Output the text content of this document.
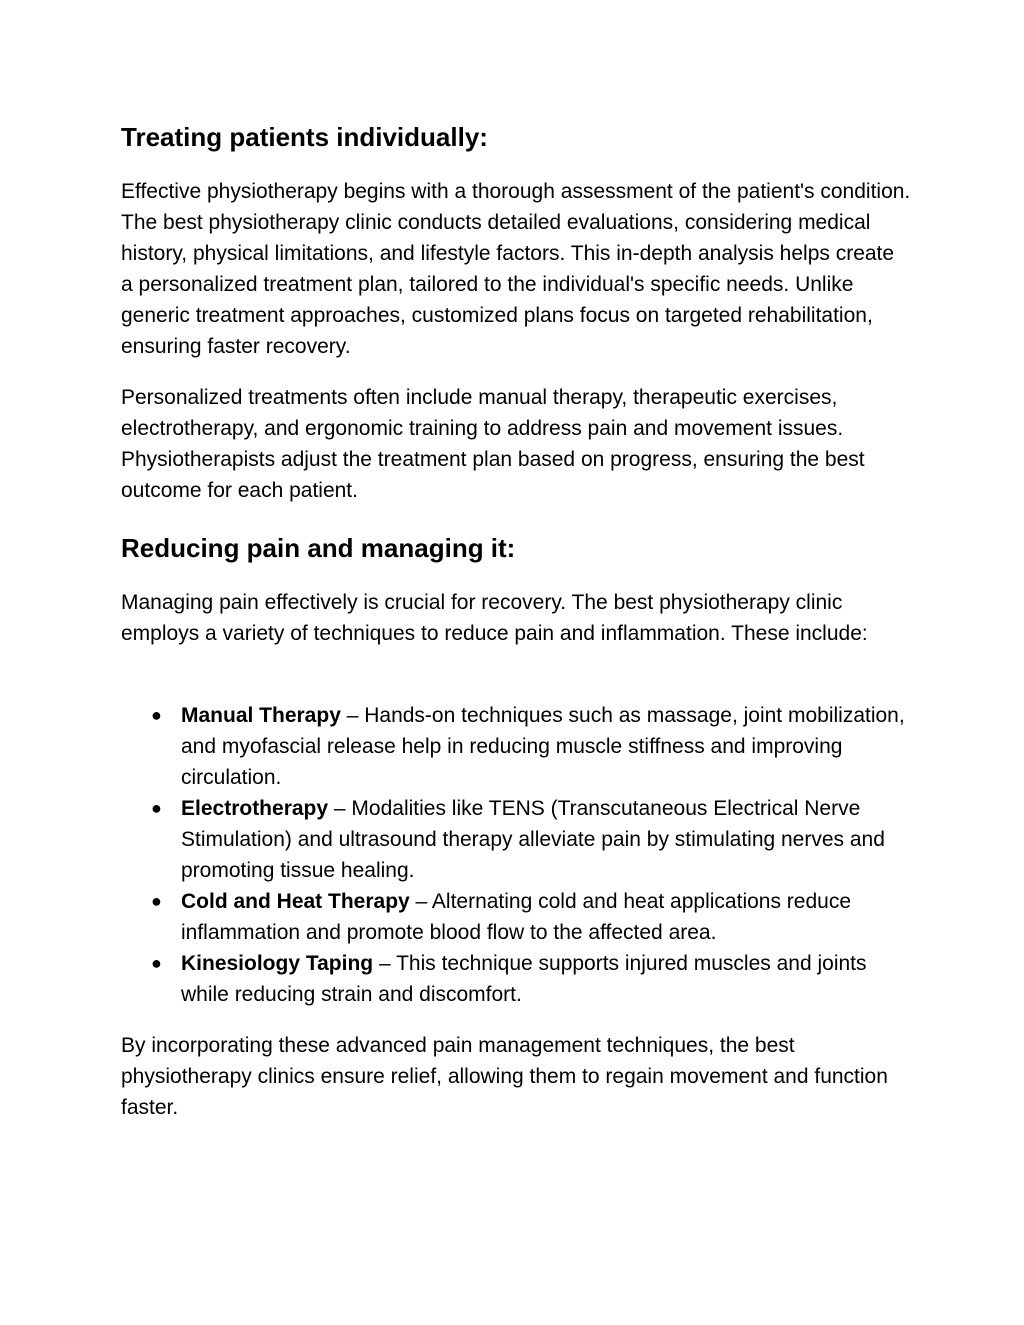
Treating patients individually:

Effective physiotherapy begins with a thorough assessment of the patient's condition. The best physiotherapy clinic conducts detailed evaluations, considering medical history, physical limitations, and lifestyle factors. This in-depth analysis helps create a personalized treatment plan, tailored to the individual's specific needs. Unlike generic treatment approaches, customized plans focus on targeted rehabilitation, ensuring faster recovery.

Personalized treatments often include manual therapy, therapeutic exercises, electrotherapy, and ergonomic training to address pain and movement issues. Physiotherapists adjust the treatment plan based on progress, ensuring the best outcome for each patient.

Reducing pain and managing it:

Managing pain effectively is crucial for recovery. The best physiotherapy clinic employs a variety of techniques to reduce pain and inflammation. These include:

● Manual Therapy – Hands-on techniques such as massage, joint mobilization, and myofascial release help in reducing muscle stiffness and improving circulation.
● Electrotherapy – Modalities like TENS (Transcutaneous Electrical Nerve Stimulation) and ultrasound therapy alleviate pain by stimulating nerves and promoting tissue healing.
● Cold and Heat Therapy – Alternating cold and heat applications reduce inflammation and promote blood flow to the affected area.
● Kinesiology Taping – This technique supports injured muscles and joints while reducing strain and discomfort.

By incorporating these advanced pain management techniques, the best physiotherapy clinics ensure relief, allowing them to regain movement and function faster.
